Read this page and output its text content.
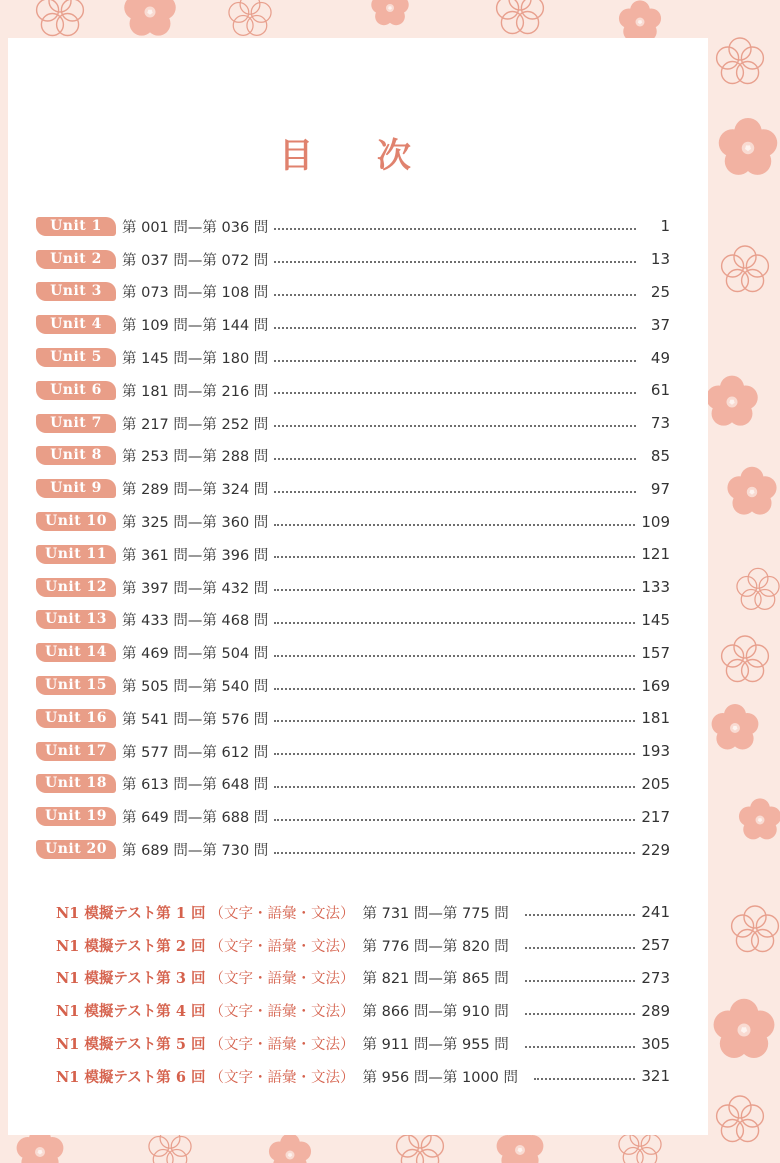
目 次
Unit 1	第 001 問—第 036 問	1
Unit 2	第 037 問—第 072 問	13
Unit 3	第 073 問—第 108 問	25
Unit 4	第 109 問—第 144 問	37
Unit 5	第 145 問—第 180 問	49
Unit 6	第 181 問—第 216 問	61
Unit 7	第 217 問—第 252 問	73
Unit 8	第 253 問—第 288 問	85
Unit 9	第 289 問—第 324 問	97
Unit 10	第 325 問—第 360 問	109
Unit 11	第 361 問—第 396 問	121
Unit 12	第 397 問—第 432 問	133
Unit 13	第 433 問—第 468 問	145
Unit 14	第 469 問—第 504 問	157
Unit 15	第 505 問—第 540 問	169
Unit 16	第 541 問—第 576 問	181
Unit 17	第 577 問—第 612 問	193
Unit 18	第 613 問—第 648 問	205
Unit 19	第 649 問—第 688 問	217
Unit 20	第 689 問—第 730 問	229
N1 模擬テスト第 1 回 （文字・語彙・文法） 第 731 問—第 775 問	241
N1 模擬テスト第 2 回 （文字・語彙・文法） 第 776 問—第 820 問	257
N1 模擬テスト第 3 回 （文字・語彙・文法） 第 821 問—第 865 問	273
N1 模擬テスト第 4 回 （文字・語彙・文法） 第 866 問—第 910 問	289
N1 模擬テスト第 5 回 （文字・語彙・文法） 第 911 問—第 955 問	305
N1 模擬テスト第 6 回 （文字・語彙・文法） 第 956 問—第 1000 問	321
